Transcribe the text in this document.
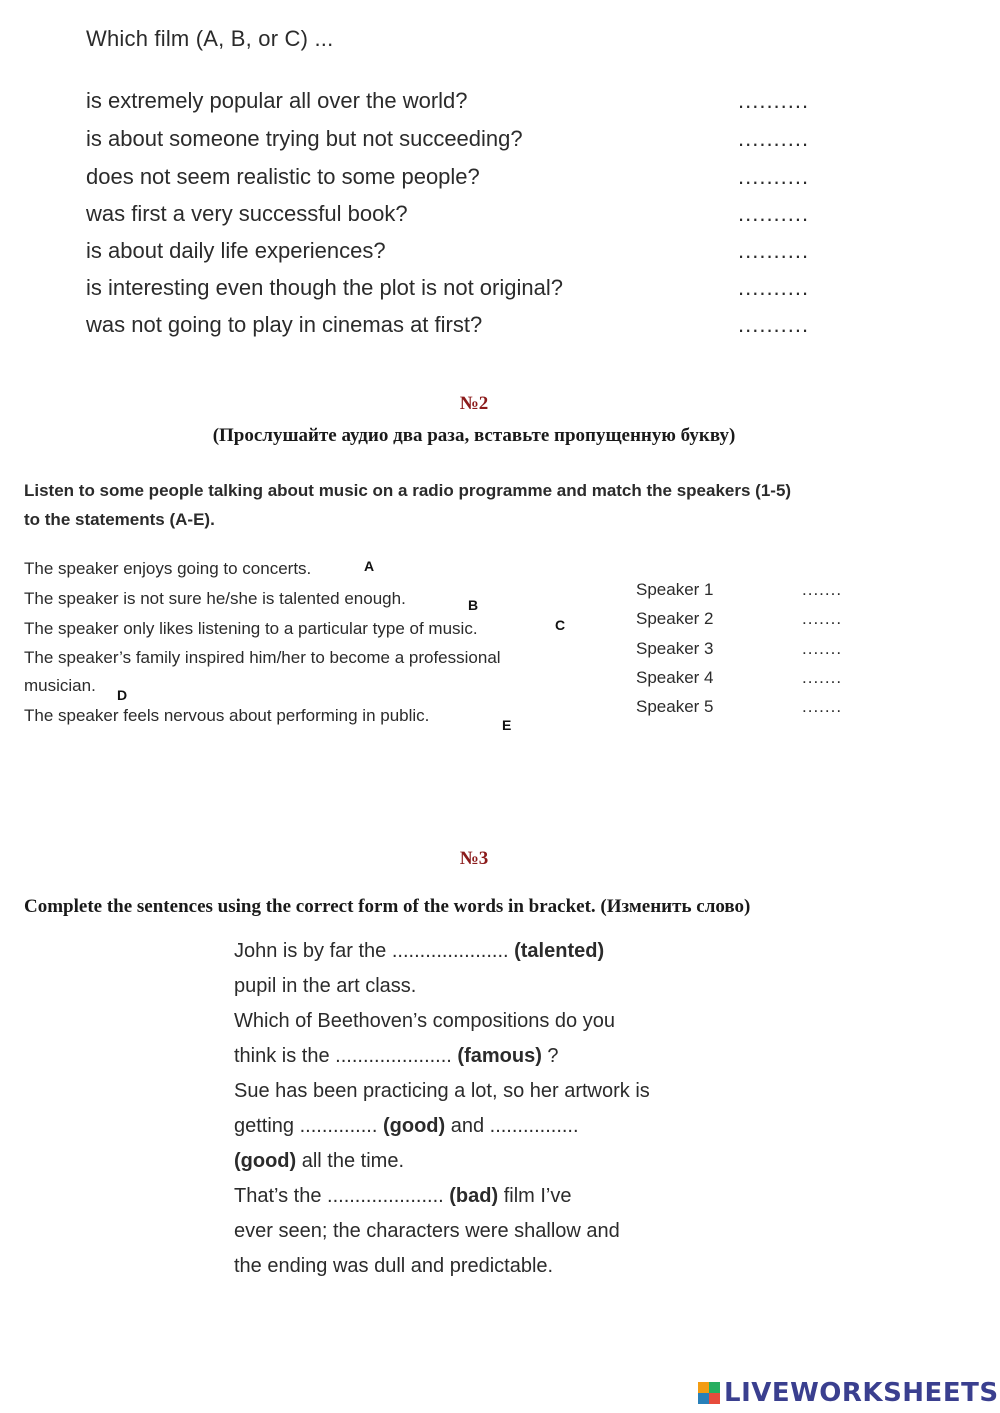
Which film (A, B, or C) ...
is extremely popular all over the world?	..........
is about someone trying but not succeeding?	..........
does not seem realistic to some people?	..........
was first a very successful book?	..........
is about daily life experiences?	..........
is interesting even though the plot is not original?	..........
was not going to play in cinemas at first?	..........
№2
(Прослушайте аудио два раза, вставьте пропущенную букву)
Listen to some people talking about music on a radio programme and match the speakers (1-5)
to the statements (A-E).
The speaker enjoys going to concerts.	A
The speaker is not sure he/she is talented enough.	B
The speaker only likes listening to a particular type of music.	C
The speaker’s family inspired him/her to become a professional
musician. D
The speaker feels nervous about performing in public.	E
Speaker 1	.......
Speaker 2	.......
Speaker 3	.......
Speaker 4	.......
Speaker 5	.......
№3
Complete the sentences using the correct form of the words in bracket. (Изменить слово)
John is by far the ..................... (talented)
pupil in the art class.
Which of Beethoven’s compositions do you
think is the ..................... (famous) ?
Sue has been practicing a lot, so her artwork is
getting .............. (good) and ................
(good) all the time.
That’s the ..................... (bad) film I’ve
ever seen; the characters were shallow and
the ending was dull and predictable.
LIVEWORKSHEETS
